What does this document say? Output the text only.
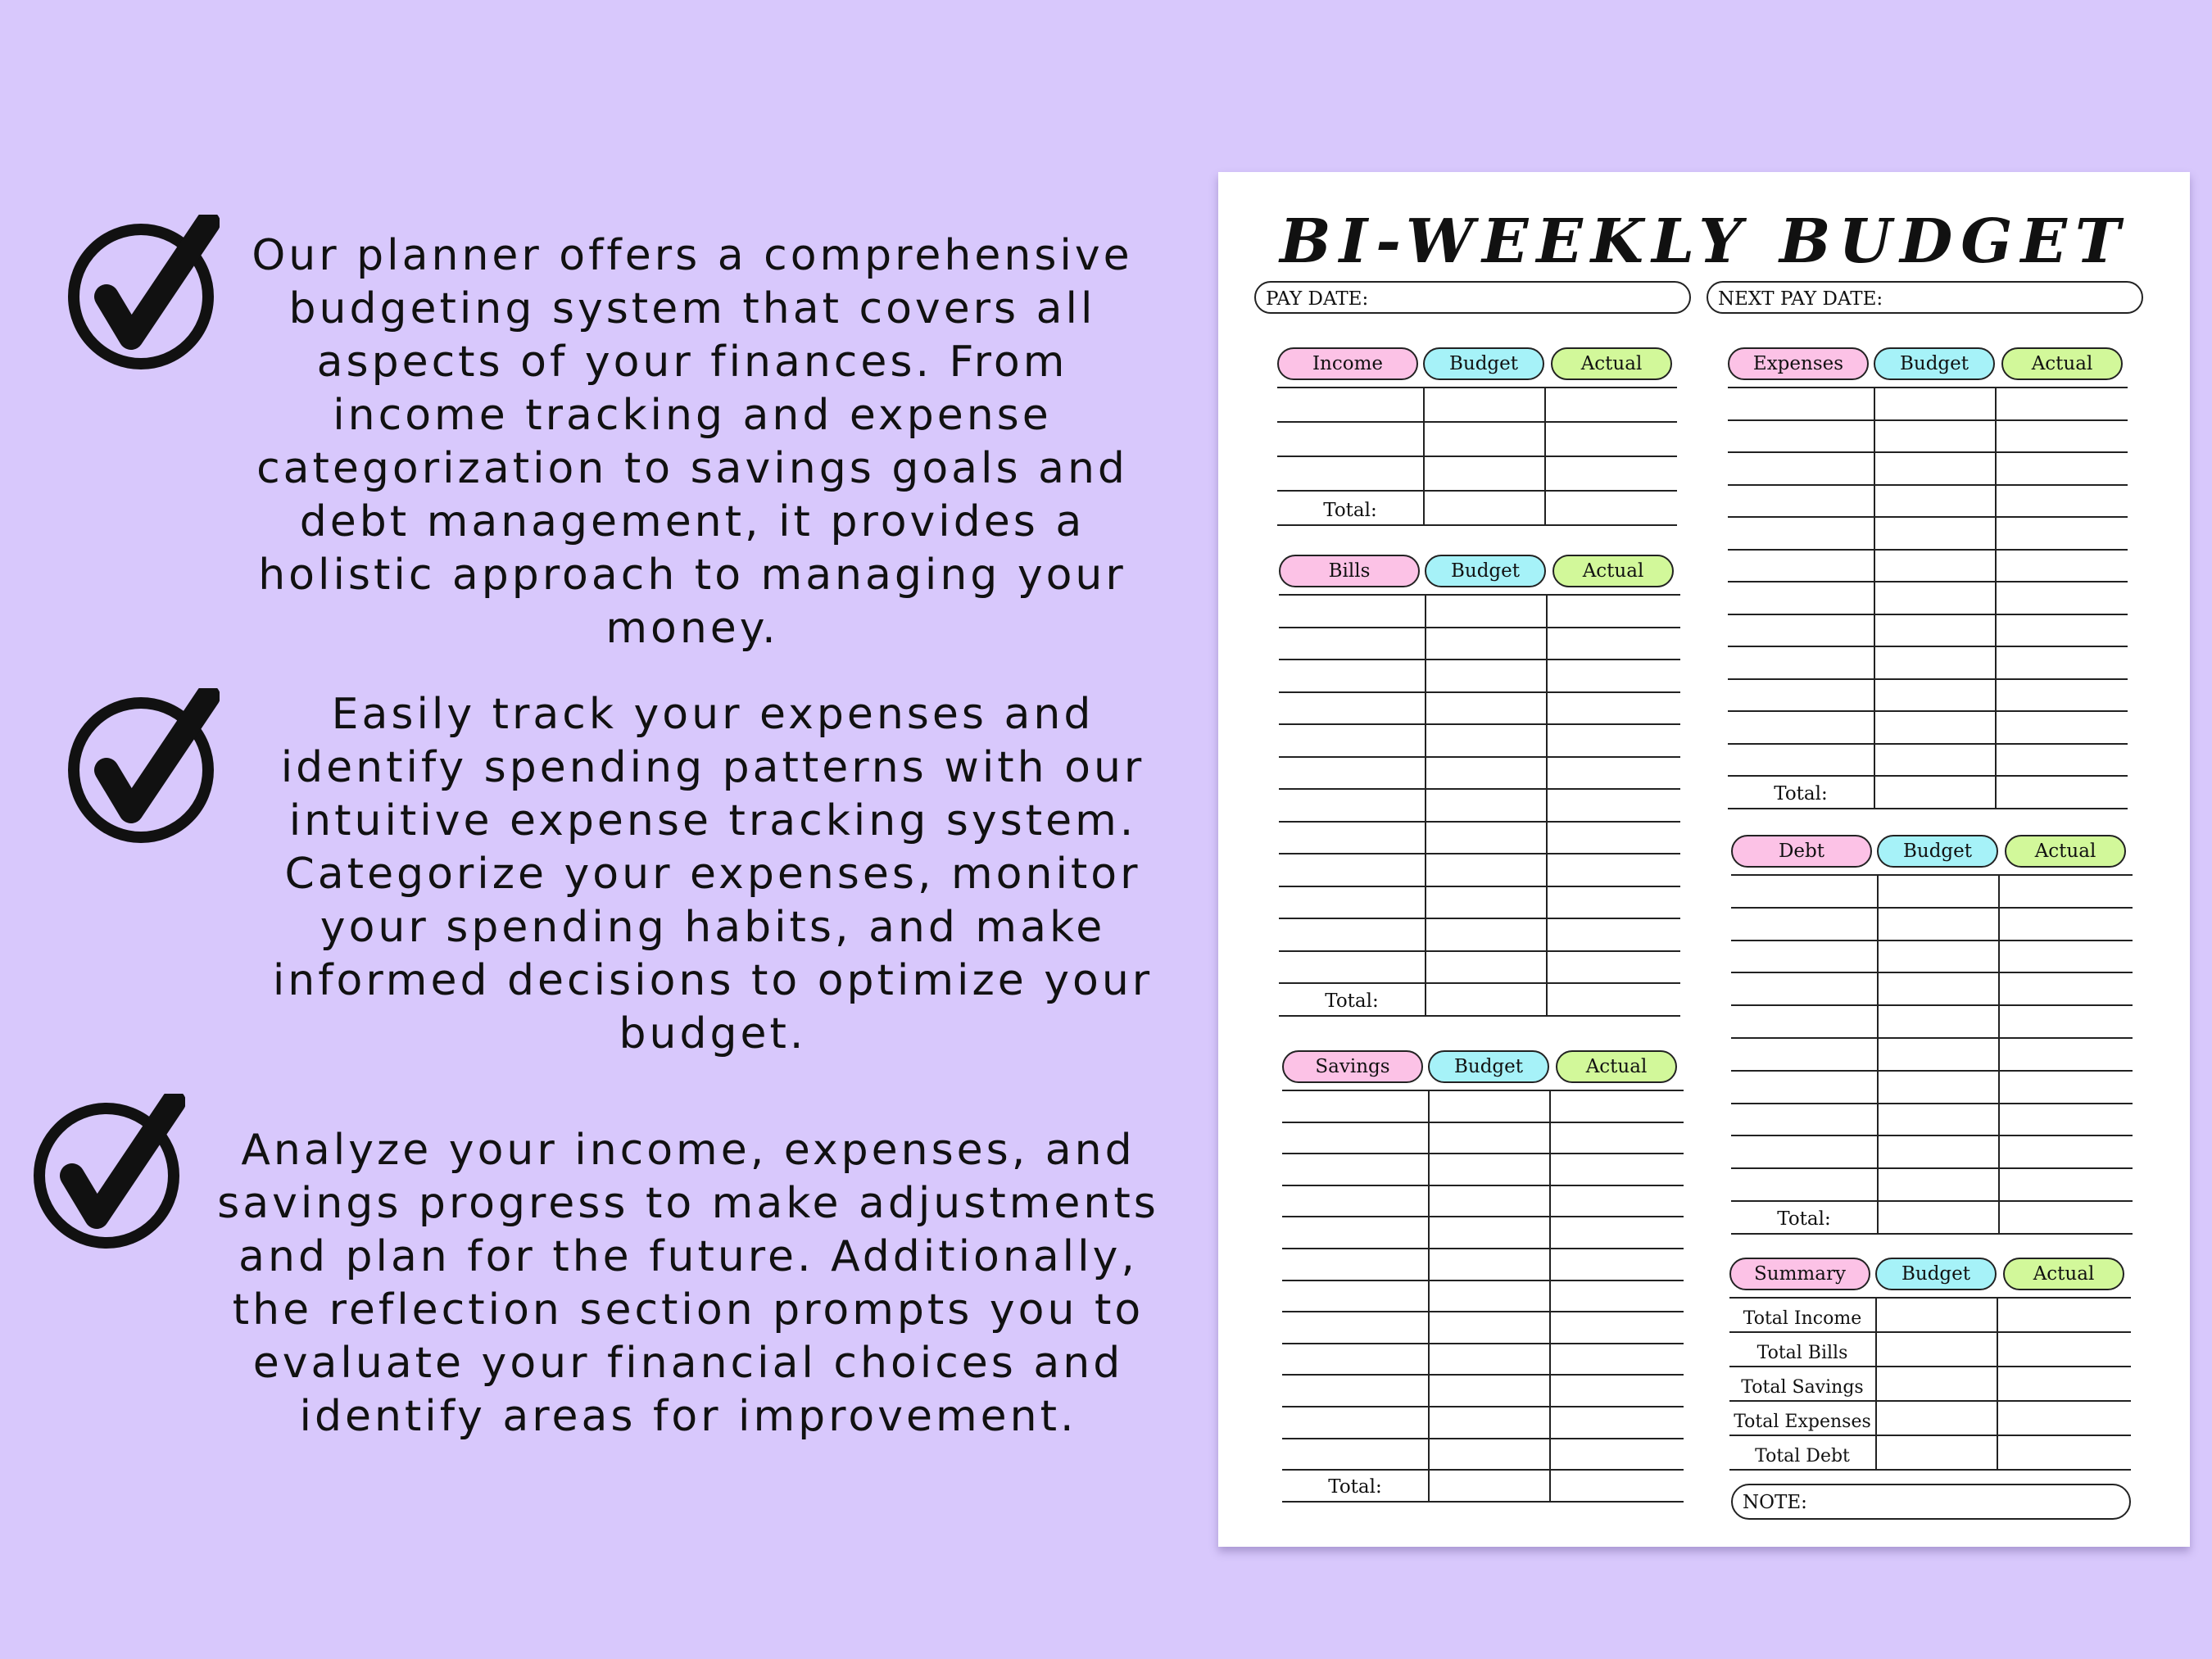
Our planner offers a comprehensive
budgeting system that covers all
aspects of your finances. From
income tracking and expense
categorization to savings goals and
debt management, it provides a
holistic approach to managing your
money.

Easily track your expenses and
identify spending patterns with our
intuitive expense tracking system.
Categorize your expenses, monitor
your spending habits, and make
informed decisions to optimize your
budget.

Analyze your income, expenses, and
savings progress to make adjustments
and plan for the future. Additionally,
the reflection section prompts you to
evaluate your financial choices and
identify areas for improvement.

BI-WEEKLY BUDGET
PAY DATE:	NEXT PAY DATE:
Income	Budget	Actual
Total:
Bills	Budget	Actual
Total:
Savings	Budget	Actual
Total:
Expenses	Budget	Actual
Total:
Debt	Budget	Actual
Total:
Summary	Budget	Actual
Total Income
Total Bills
Total Savings
Total Expenses
Total Debt
NOTE:
